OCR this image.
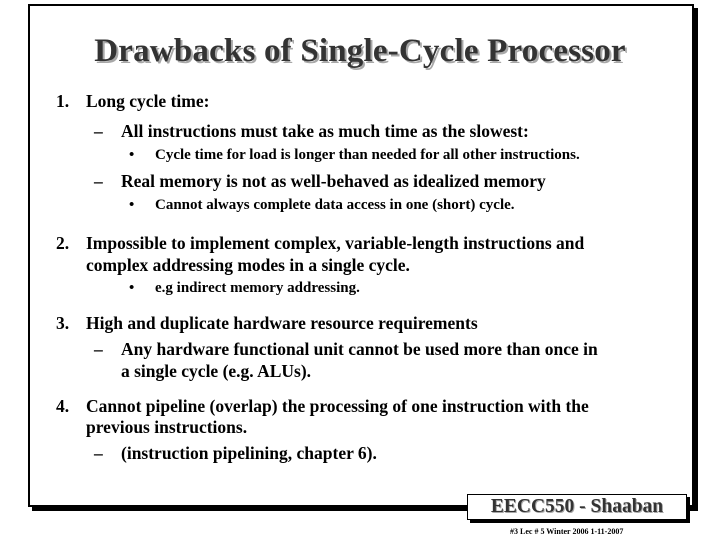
Drawbacks of Single-Cycle Processor
1. Long cycle time:
– All instructions must take as much time as the slowest:
• Cycle time for load is longer than needed for all other instructions.
– Real memory is not as well-behaved as idealized memory
• Cannot always complete data access in one (short) cycle.
2. Impossible to implement complex, variable-length instructions and
complex addressing modes in a single cycle.
• e.g indirect memory addressing.
3. High and duplicate hardware resource requirements
– Any hardware functional unit cannot be used more than once in
a single cycle (e.g. ALUs).
4. Cannot pipeline (overlap) the processing of one instruction with the
previous instructions.
– (instruction pipelining, chapter 6).
EECC550 - Shaaban
#3 Lec # 5 Winter 2006 1-11-2007
